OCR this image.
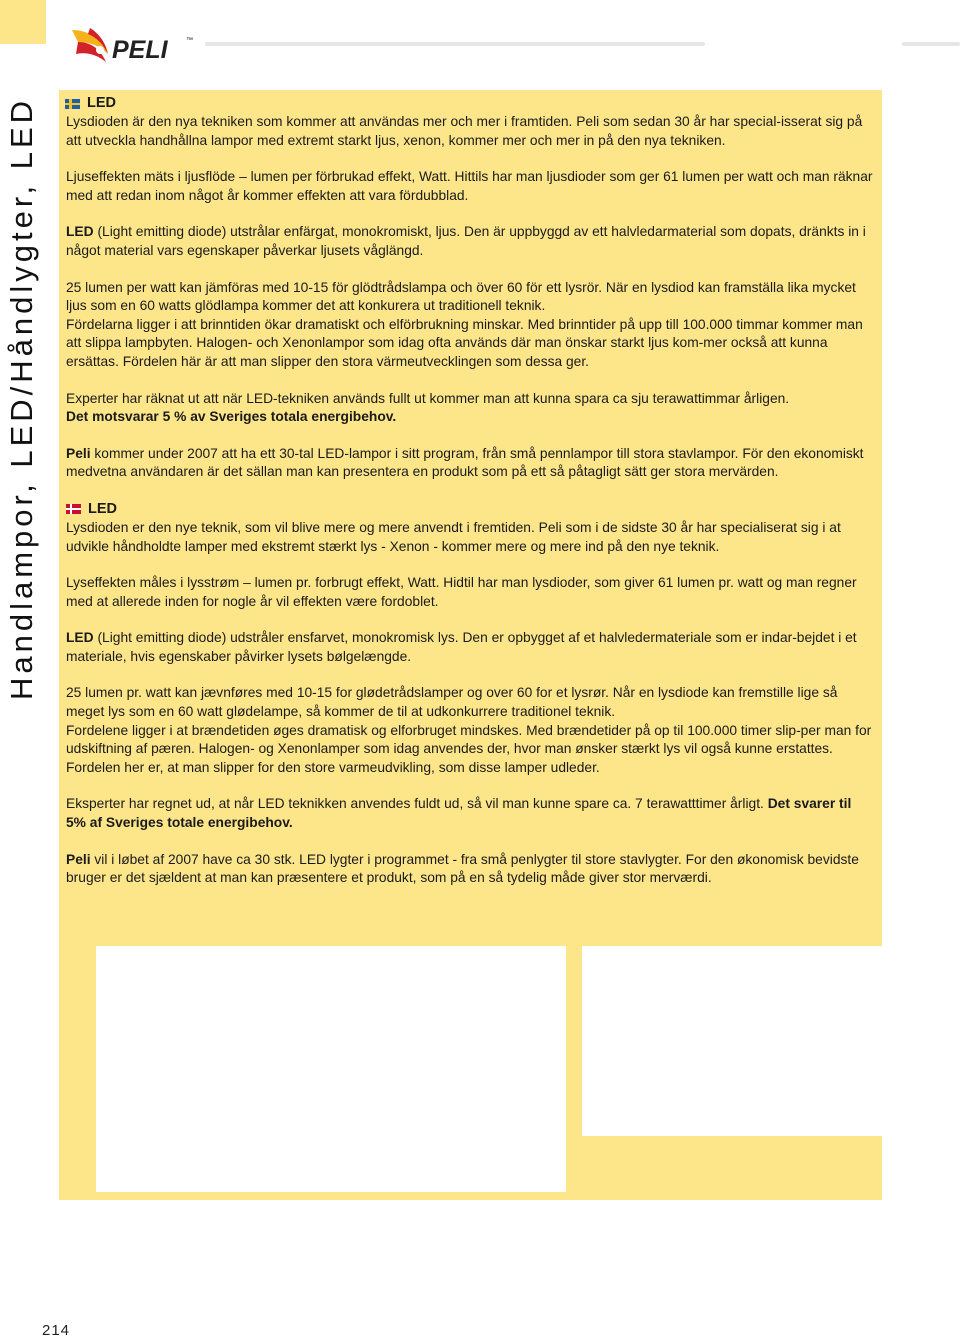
PELI	™
Handlampor, LED/Håndlygter, LED	LED

Lysdioden är den nya tekniken som kommer att användas mer och mer i framtiden. Peli som sedan 30 år har special-isserat sig på att utveckla handhållna lampor med extremt starkt ljus, xenon, kommer mer och mer in på den nya tekniken.

Ljuseffekten mäts i ljusflöde – lumen per förbrukad effekt, Watt. Hittils har man ljusdioder som ger 61 lumen per watt och man räknar med att redan inom något år kommer effekten att vara fördubblad.

LED (Light emitting diode) utstrålar enfärgat, monokromiskt, ljus. Den är uppbyggd av ett halvledarmaterial som dopats, dränkts in i något material vars egenskaper påverkar ljusets våglängd.

25 lumen per watt kan jämföras med 10-15 för glödtrådslampa och över 60 för ett lysrör. När en lysdiod kan framställa lika mycket ljus som en 60 watts glödlampa kommer det att konkurera ut traditionell teknik.

Fördelarna ligger i att brinntiden ökar dramatiskt och elförbrukning minskar. Med brinntider på upp till 100.000 timmar kommer man att slippa lampbyten. Halogen- och Xenonlampor som idag ofta används där man önskar starkt ljus kom-mer också att kunna ersättas. Fördelen här är att man slipper den stora värmeutvecklingen som dessa ger.

Experter har räknat ut att när LED-tekniken används fullt ut kommer man att kunna spara ca sju terawattimmar årligen.
Det motsvarar 5 % av Sveriges totala energibehov.

Peli kommer under 2007 att ha ett 30-tal LED-lampor i sitt program, från små pennlampor till stora stavlampor. För den ekonomiskt medvetna användaren är det sällan man kan presentera en produkt som på ett så påtagligt sätt ger stora mervärden.

LED

Lysdioden er den nye teknik, som vil blive mere og mere anvendt i fremtiden. Peli som i de sidste 30 år har specialiserat sig i at udvikle håndholdte lamper med ekstremt stærkt lys - Xenon - kommer mere og mere ind på den nye teknik.

Lyseffekten måles i lysstrøm – lumen pr. forbrugt effekt, Watt. Hidtil har man lysdioder, som giver 61 lumen pr. watt og man regner med at allerede inden for nogle år vil effekten være fordoblet.

LED (Light emitting diode) udstråler ensfarvet, monokromisk lys. Den er opbygget af et halvledermateriale som er indar-bejdet i et materiale, hvis egenskaber påvirker lysets bølgelængde.

25 lumen pr. watt kan jævnføres med 10-15 for glødetrådslamper og over 60 for et lysrør. Når en lysdiode kan fremstille lige så meget lys som en 60 watt glødelampe, så kommer de til at udkonkurrere traditionel teknik.

Fordelene ligger i at brændetiden øges dramatisk og elforbruget mindskes. Med brændetider på op til 100.000 timer slip-per man for udskiftning af pæren. Halogen- og Xenonlamper som idag anvendes der, hvor man ønsker stærkt lys vil også kunne erstattes. Fordelen her er, at man slipper for den store varmeudvikling, som disse lamper udleder.

Eksperter har regnet ud, at når LED teknikken anvendes fuldt ud, så vil man kunne spare ca. 7 terawatttimer årligt. Det svarer til 5% af Sveriges totale energibehov.

Peli vil i løbet af 2007 have ca 30 stk. LED lygter i programmet - fra små penlygter til store stavlygter. For den økonomisk bevidste bruger er det sjældent at man kan præsentere et produkt, som på en så tydelig måde giver stor merværdi.

214
